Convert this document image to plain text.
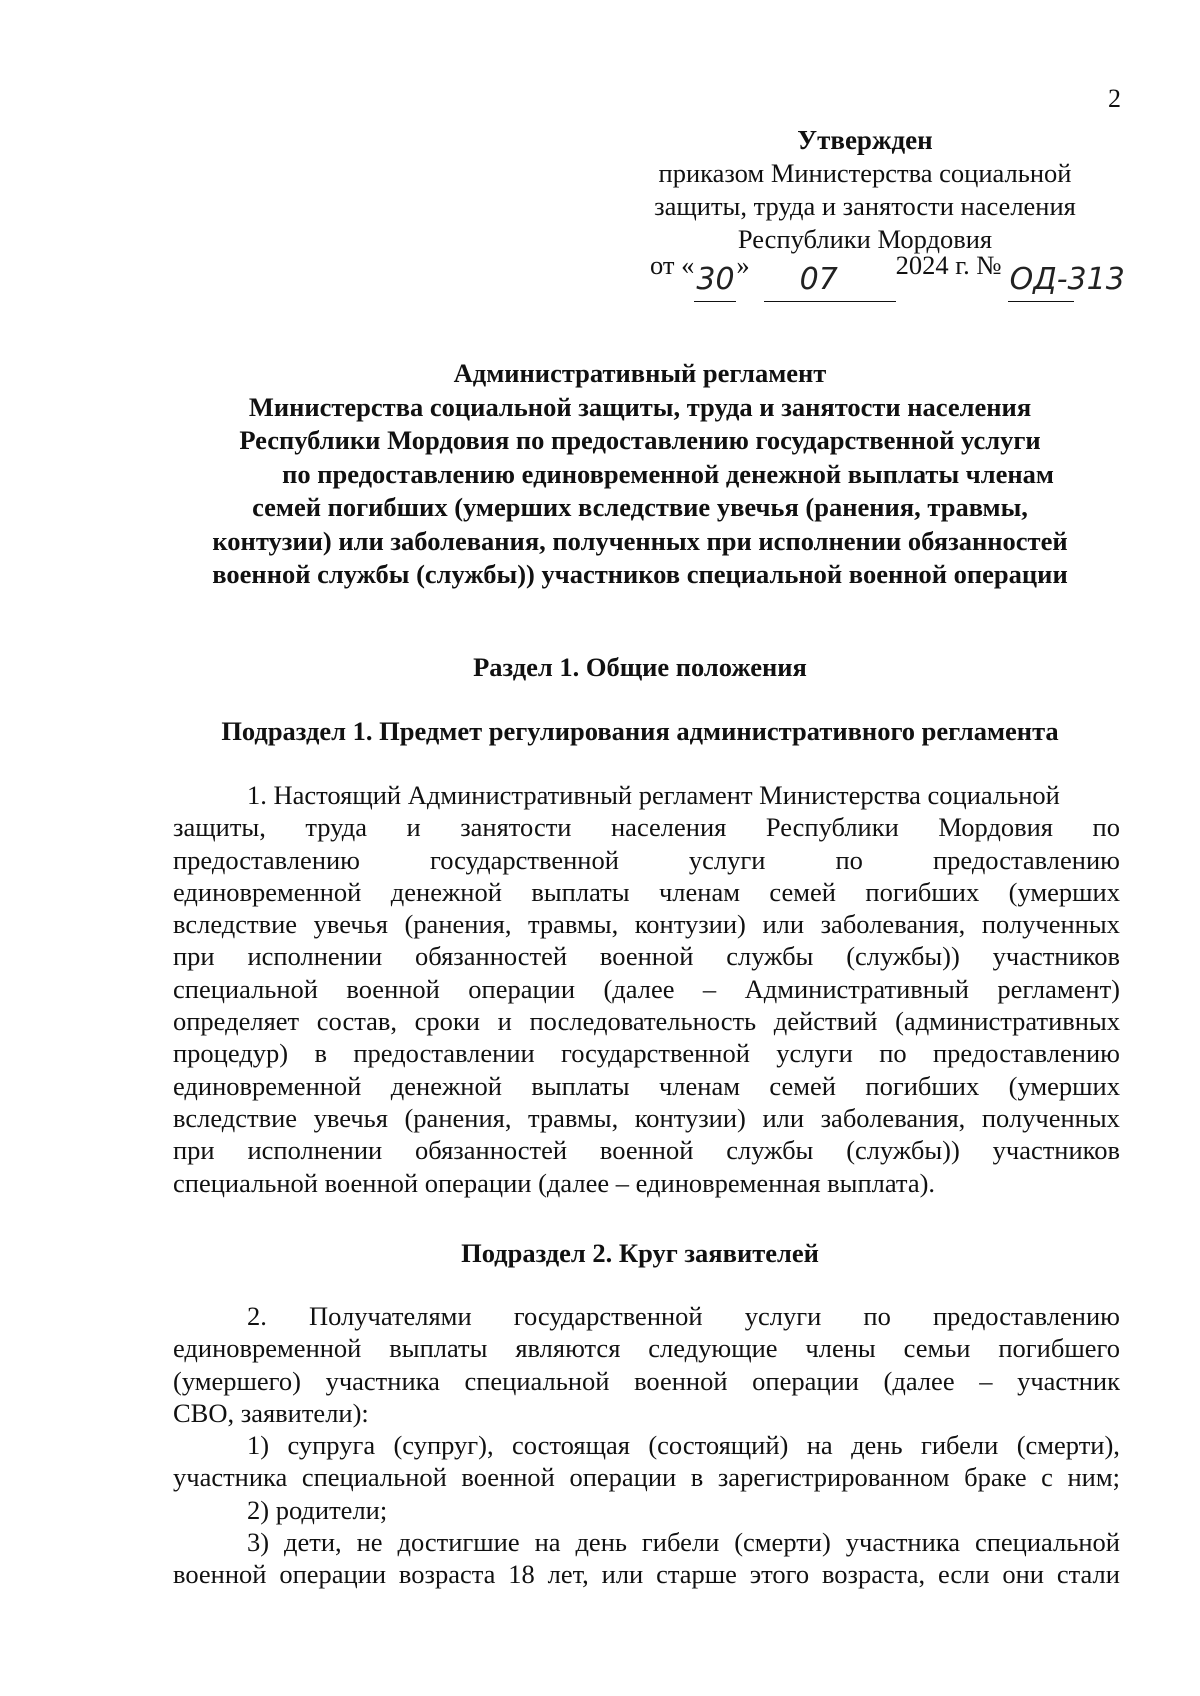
2
Утвержден
приказом Министерства социальной
защиты, труда и занятости населения
Республики Мордовия
от « 30 » 07 2024 г. № ОД-313
Административный регламент
Министерства социальной защиты, труда и занятости населения
Республики Мордовия по предоставлению государственной услуги
по предоставлению единовременной денежной выплаты членам
семей погибших (умерших вследствие увечья (ранения, травмы,
контузии) или заболевания, полученных при исполнении обязанностей
военной службы (службы)) участников специальной военной операции
Раздел 1. Общие положения
Подраздел 1. Предмет регулирования административного регламента
1. Настоящий Административный регламент Министерства социальной
защиты, труда и занятости населения Республики Мордовия по
предоставлению	государственной	услуги	по	предоставлению
единовременной денежной выплаты членам семей погибших (умерших
вследствие увечья (ранения, травмы, контузии) или заболевания, полученных
при исполнении обязанностей военной службы (службы)) участников
специальной военной операции (далее – Административный регламент)
определяет состав, сроки и последовательность действий (административных
процедур) в предоставлении государственной услуги по предоставлению
единовременной денежной выплаты членам семей погибших (умерших
вследствие увечья (ранения, травмы, контузии) или заболевания, полученных
при исполнении обязанностей военной службы (службы)) участников
специальной военной операции (далее – единовременная выплата).
Подраздел 2. Круг заявителей
2. Получателями государственной услуги по предоставлению
единовременной выплаты являются следующие члены семьи погибшего
(умершего) участника специальной военной операции (далее – участник
СВО, заявители):
1) супруга (супруг), состоящая (состоящий) на день гибели (смерти),
участника специальной военной операции в зарегистрированном браке с ним;
2) родители;
3) дети, не достигшие на день гибели (смерти) участника специальной
военной операции возраста 18 лет, или старше этого возраста, если они стали
